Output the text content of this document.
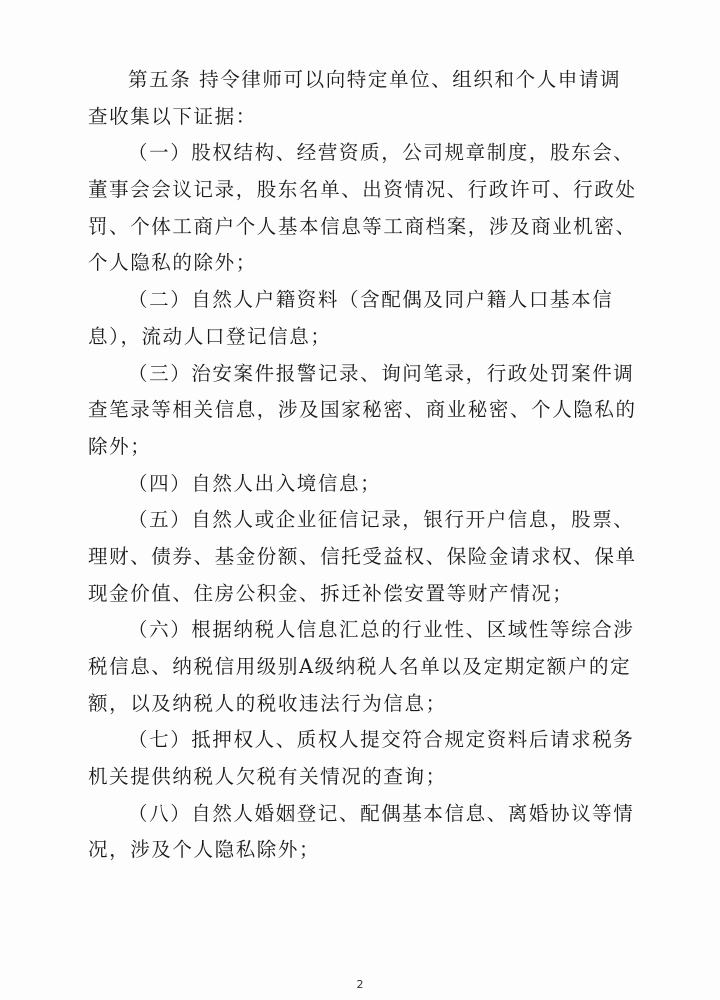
第五条 持令律师可以向特定单位、组织和个人申请调
查收集以下证据：
（一）股权结构、经营资质，公司规章制度，股东会、
董事会会议记录，股东名单、出资情况、行政许可、行政处
罚、个体工商户个人基本信息等工商档案，涉及商业机密、
个人隐私的除外；
（二）自然人户籍资料（含配偶及同户籍人口基本信
息），流动人口登记信息；
（三）治安案件报警记录、询问笔录，行政处罚案件调
查笔录等相关信息，涉及国家秘密、商业秘密、个人隐私的
除外；
（四）自然人出入境信息；
（五）自然人或企业征信记录，银行开户信息，股票、
理财、债券、基金份额、信托受益权、保险金请求权、保单
现金价值、住房公积金、拆迁补偿安置等财产情况；
（六）根据纳税人信息汇总的行业性、区域性等综合涉
税信息、纳税信用级别A级纳税人名单以及定期定额户的定
额，以及纳税人的税收违法行为信息；
（七）抵押权人、质权人提交符合规定资料后请求税务
机关提供纳税人欠税有关情况的查询；
（八）自然人婚姻登记、配偶基本信息、离婚协议等情
况，涉及个人隐私除外；
2
